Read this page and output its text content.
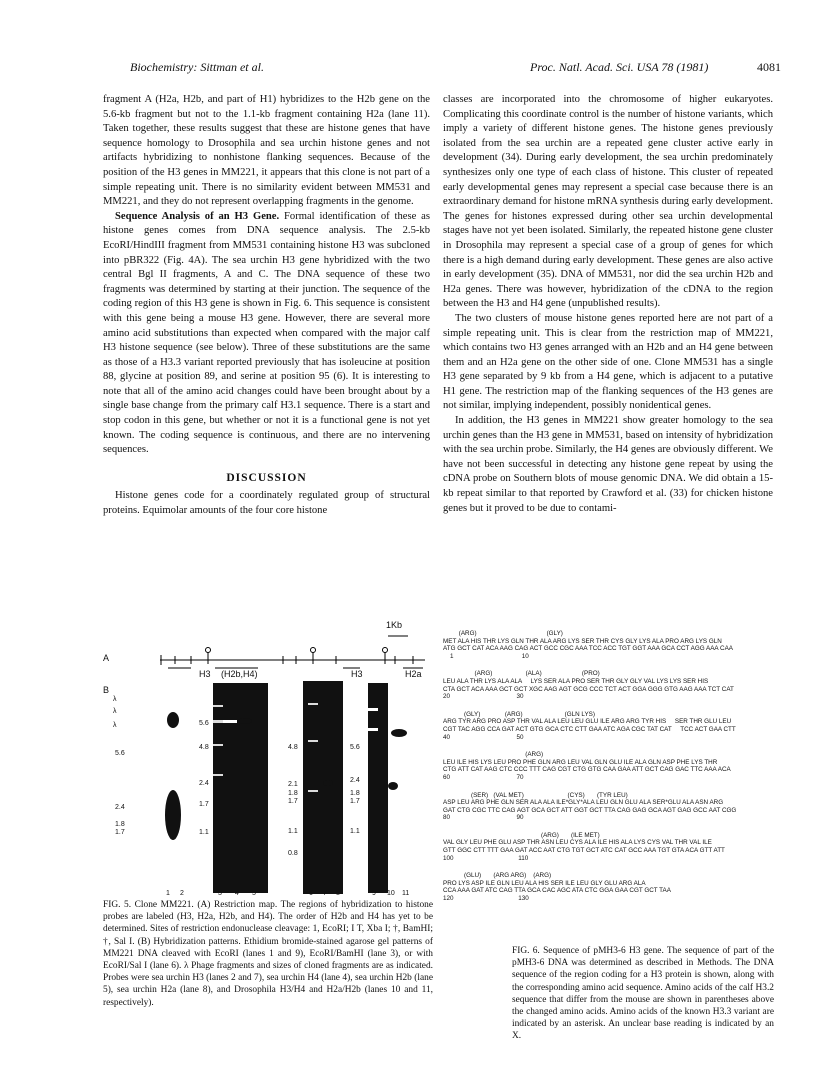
Biochemistry: Sittman et al.	Proc. Natl. Acad. Sci. USA 78 (1981)	4081

fragment A (H2a, H2b, and part of H1) hybridizes to the H2b gene on the 5.6-kb fragment but not to the 1.1-kb fragment containing H2a (lane 11). Taken together, these results suggest that these are histone genes that have sequence homology to Drosophila and sea urchin histone genes and not artifacts hybridizing to nonhistone flanking sequences. Because of the position of the H3 genes in MM221, it appears that this clone is not part of a simple repeating unit. There is no similarity evident between MM531 and MM221, and they do not represent overlapping fragments in the genome.

Sequence Analysis of an H3 Gene. Formal identification of these as histone genes comes from DNA sequence analysis. The 2.5-kb EcoRI/HindIII fragment from MM531 containing histone H3 was subcloned into pBR322 (Fig. 4A). The sea urchin H3 gene hybridized with the two central Bgl II fragments, A and C. The DNA sequence of these two fragments was determined by starting at their junction. The sequence of the coding region of this H3 gene is shown in Fig. 6. This sequence is consistent with this gene being a mouse H3 gene. However, there are several more amino acid substitutions than expected when compared with the major calf H3 histone sequence (see below). Three of these substitutions are the same as those of a H3.3 variant reported previously that has isoleucine at position 88, glycine at position 89, and serine at position 95 (6). It is interesting to note that all of the amino acid changes could have been brought about by a single base change from the primary calf H3.1 sequence. There is a start and stop codon in this gene, but whether or not it is a functional gene is not yet known. The coding sequence is continuous, and there are no intervening sequences.

DISCUSSION

Histone genes code for a coordinately regulated group of structural proteins. Equimolar amounts of the four core histone

classes are incorporated into the chromosome of higher eukaryotes. Complicating this coordinate control is the number of histone variants, which imply a variety of different histone genes. The histone genes previously isolated from the sea urchin are a repeated gene cluster active early in development (34). During early development, the sea urchin predominately synthesizes only one type of each class of histone. This cluster of repeated early developmental genes may represent a special case because there is an extraordinary demand for histone mRNA synthesis during early development. The genes for histones expressed during other sea urchin developmental stages have not yet been isolated. Similarly, the repeated histone gene cluster in Drosophila may represent a special case of a group of genes for which there is a high demand during early development. These genes are also active in early development (35). DNA of MM531, nor did the sea urchin H2b and H2a genes. There was however, hybridization of the cDNA to the region between the H3 and H4 gene (unpublished results).

The two clusters of mouse histone genes reported here are not part of a simple repeating unit. This is clear from the restriction map of MM221, which contains two H3 genes arranged with an H2b and an H4 gene between them and an H2a gene on the other side of one. Clone MM531 has a single H3 gene separated by 9 kb from a H4 gene, which is adjacent to a putative H1 gene. The restriction map of the flanking sequences of the H3 genes are not similar, implying independent, possibly nonidentical genes.

In addition, the H3 genes in MM221 show greater homology to the sea urchin genes than the H3 gene in MM531, based on intensity of hybridization with the sea urchin probe. Similarly, the H4 genes are obviously different. We have not been successful in detecting any histone gene repeat by using the cDNA probe on Southern blots of mouse genomic DNA. We did obtain a 15-kb repeat similar to that reported by Crawford et al. (33) for chicken histone genes but it proved to be due to contami-

A
B
1Kb
H3 (H2b,H4)	H3	H2a
λ
λ
λ
5.6
2.4
1.8
1.7
5.6
4.8
2.4
1.7
1.1
4.8
2.1
1.8
1.7
1.1
0.8
5.6
2.4
1.8
1.7
1.1
1 2	3 4 5	6 7 8	9 10 11
FIG. 5. Clone MM221. (A) Restriction map. The regions of hybridization to histone probes are labeled (H3, H2a, H2b, and H4). The order of H2b and H4 has yet to be determined. Sites of restriction endonuclease cleavage: 1, EcoRI; I T, Xba I; †, BamHI; †, Sal I. (B) Hybridization patterns. Ethidium bromide-stained agarose gel patterns of MM221 DNA cleaved with EcoRI (lanes 1 and 9), EcoRI/BamHI (lane 3), or with EcoRI/Sal I (lane 6). λ Phage fragments and sizes of cloned fragments are as indicated. Probes were sea urchin H3 (lanes 2 and 7), sea urchin H4 (lane 4), sea urchin H2b (lane 5), sea urchin H2a (lane 8), and Drosophila H3/H4 and H2a/H2b (lanes 10 and 11, respectively).
(ARG)                                        (GLY)
MET ALA HIS THR LYS GLN THR ALA ARG LYS SER THR CYS GLY LYS ALA PRO ARG LYS GLN
ATG GCT CAT ACA AAG CAG ACT GCC CGC AAA TCC ACC TGT GGT AAA GCA CCT AGG AAA CAA
1                                       10
(ARG)                   (ALA)                       (PRO)
LEU ALA THR LYS ALA ALA     LYS SER ALA PRO SER THR GLY GLY VAL LYS LYS SER HIS
CTA GCT ACA AAA GCT GCT XGC AAG AGT GCG CCC TCT ACT GGA GGG GTG AAG AAA TCT CAT
20                                      30
(GLY)              (ARG)                        (GLN LYS)
ARG TYR ARG PRO ASP THR VAL ALA LEU LEU GLU ILE ARG ARG TYR HIS     SER THR GLU LEU
CGT TAC AGG CCA GAT ACT GTG GCA CTC CTT GAA ATC AGA CGC TAT CAT     TCC ACT GAA CTT
40                                      50
(ARG)
LEU ILE HIS LYS LEU PRO PHE GLN ARG LEU VAL GLN GLU ILE ALA GLN ASP PHE LYS THR
CTG ATT CAT AAG CTC CCC TTT CAG CGT CTG GTG CAA GAA ATT GCT CAG GAC TTC AAA ACA
60                                      70
(SER)   (VAL MET)                         (CYS)       (TYR LEU)
ASP LEU ARG PHE GLN SER ALA ALA ILE*GLY*ALA LEU GLN GLU ALA SER*GLU ALA ASN ARG
GAT CTG CGC TTC CAG AGT GCA GCT ATT GGT GCT TTA CAG GAG GCA AGT GAG GCC AAT CGG
80                                      90
(ARG)       (ILE MET)
VAL GLY LEU PHE GLU ASP THR ASN LEU CYS ALA ILE HIS ALA LYS CYS VAL THR VAL ILE
GTT GGC CTT TTT GAA GAT ACC AAT CTG TGT GCT ATC CAT GCC AAA TGT GTA ACA GTT ATT
100                                     110
(GLU)       (ARG ARG)    (ARG)
PRO LYS ASP ILE GLN LEU ALA HIS SER ILE LEU GLY GLU ARG ALA
CCA AAA GAT ATC CAG TTA GCA CAC AGC ATA CTC GGA GAA CGT GCT TAA
120                                     130
FIG. 6. Sequence of pMH3-6 H3 gene. The sequence of part of the pMH3-6 DNA was determined as described in Methods. The DNA sequence of the region coding for a H3 protein is shown, along with the corresponding amino acid sequence. Amino acids of the calf H3.2 sequence that differ from the mouse are shown in parentheses above the changed amino acids. Amino acids of the known H3.3 variant are indicated by an asterisk. An unclear base reading is indicated by an X.
